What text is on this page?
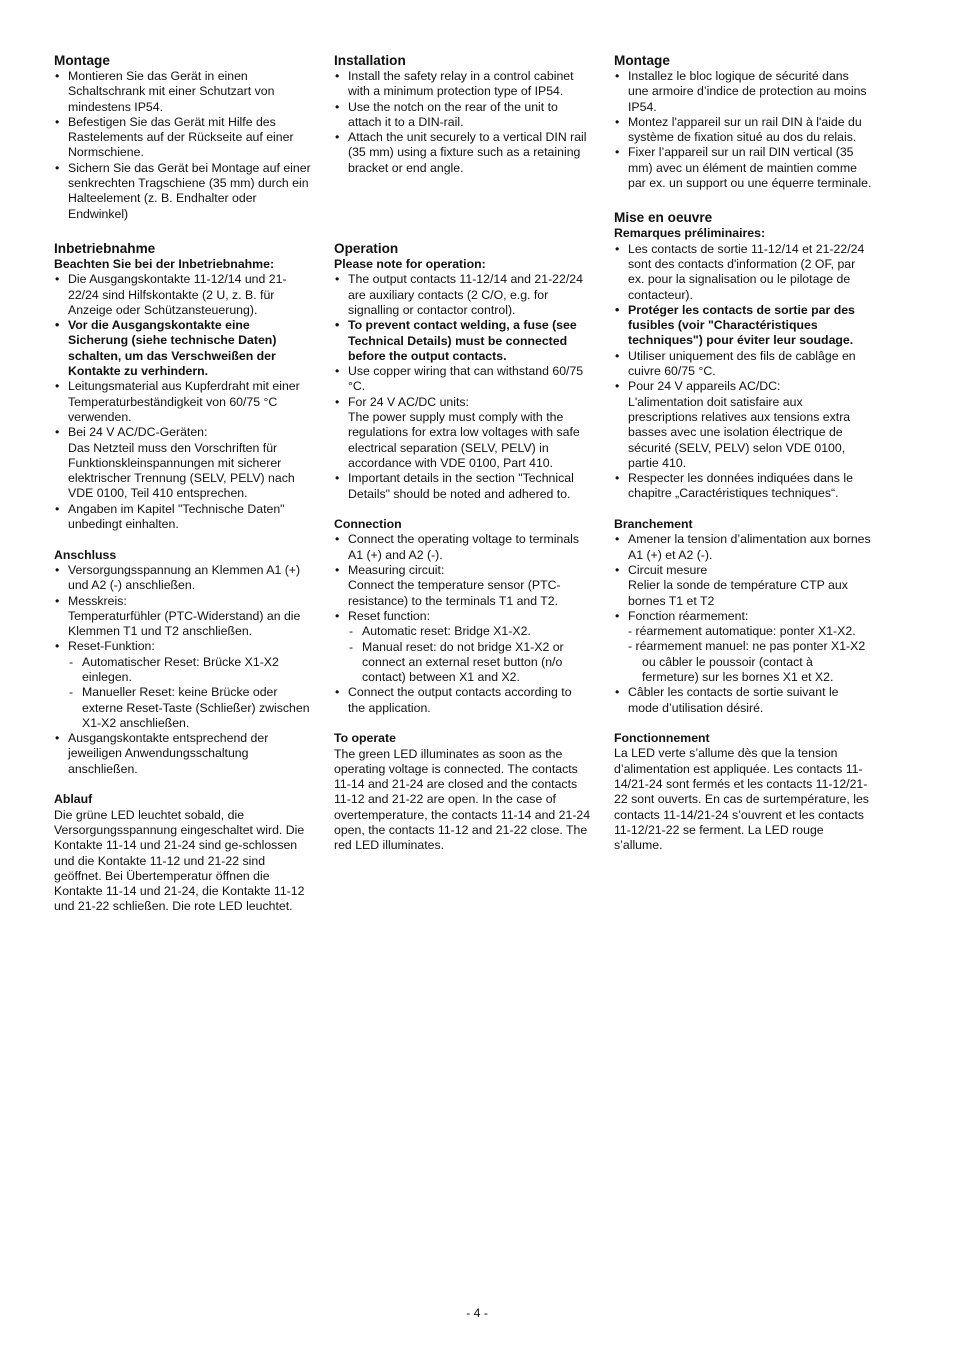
Montage
• Montieren Sie das Gerät in einen Schaltschrank mit einer Schutzart von mindestens IP54.
• Befestigen Sie das Gerät mit Hilfe des Rastelements auf der Rückseite auf einer Normschiene.
• Sichern Sie das Gerät bei Montage auf einer senkrechten Tragschiene (35 mm) durch ein Halteelement (z. B. Endhalter oder Endwinkel)
Inbetriebnahme

Beachten Sie bei der Inbetriebnahme:

• Die Ausgangskontakte 11-12/14 und 21-22/24 sind Hilfskontakte (2 U, z. B. für Anzeige oder Schützansteuerung).
• Vor die Ausgangskontakte eine Sicherung (siehe technische Daten) schalten, um das Verschweißen der Kontakte zu verhindern.
• Leitungsmaterial aus Kupferdraht mit einer Temperaturbeständigkeit von 60/75 °C verwenden.
• Bei 24 V AC/DC-Geräten:
Das Netzteil muss den Vorschriften für Funktionskleinspannungen mit sicherer elektrischer Trennung (SELV, PELV) nach VDE 0100, Teil 410 entsprechen.
• Angaben im Kapitel "Technische Daten" unbedingt einhalten.
Anschluss
• Versorgungsspannung an Klemmen A1 (+) und A2 (-) anschließen.
• Messkreis:
Temperaturfühler (PTC-Widerstand) an die Klemmen T1 und T2 anschließen.
• Reset-Funktion:
- Automatischer Reset: Brücke X1-X2 einlegen.
- Manueller Reset: keine Brücke oder externe Reset-Taste (Schließer) zwischen X1-X2 anschließen.
• Ausgangskontakte entsprechend der jeweiligen Anwendungsschaltung anschließen.
Ablauf

Die grüne LED leuchtet sobald, die Versorgungsspannung eingeschaltet wird. Die Kontakte 11-14 und 21-24 sind ge-schlossen und die Kontakte 11-12 und 21-22 sind geöffnet. Bei Übertemperatur öffnen die Kontakte 11-14 und 21-24, die Kontakte 11-12 und 21-22 schließen. Die rote LED leuchtet.

Installation
• Install the safety relay in a control cabinet with a minimum protection type of IP54.
• Use the notch on the rear of the unit to attach it to a DIN-rail.
• Attach the unit securely to a vertical DIN rail (35 mm) using a fixture such as a retaining bracket or end angle.
Operation

Please note for operation:

• The output contacts 11-12/14 and 21-22/24 are auxiliary contacts (2 C/O, e.g. for signalling or contactor control).
• To prevent contact welding, a fuse (see Technical Details) must be connected before the output contacts.
• Use copper wiring that can withstand 60/75 °C.
• For 24 V AC/DC units:
The power supply must comply with the regulations for extra low voltages with safe electrical separation (SELV, PELV) in accordance with VDE 0100, Part 410.
• Important details in the section "Technical Details" should be noted and adhered to.
Connection
• Connect the operating voltage to terminals A1 (+) and A2 (-).
• Measuring circuit:
Connect the temperature sensor (PTC-resistance) to the terminals T1 and T2.
• Reset function:
- Automatic reset: Bridge X1-X2.
- Manual reset: do not bridge X1-X2 or connect an external reset button (n/o contact) between X1 and X2.
• Connect the output contacts according to the application.
To operate

The green LED illuminates as soon as the operating voltage is connected. The contacts 11-14 and 21-24 are closed and the contacts 11-12 and 21-22 are open. In the case of overtemperature, the contacts 11-14 and 21-24 open, the contacts 11-12 and 21-22 close. The red LED illuminates.

Montage
• Installez le bloc logique de sécurité dans une armoire d’indice de protection au moins IP54.
• Montez l'appareil sur un rail DIN à l'aide du système de fixation situé au dos du relais.
• Fixer l’appareil sur un rail DIN vertical (35 mm) avec un élément de maintien comme par ex. un support ou une équerre terminale.
Mise en oeuvre

Remarques préliminaires:

• Les contacts de sortie 11-12/14 et 21-22/24 sont des contacts d'information (2 OF, par ex. pour la signalisation ou le pilotage de contacteur).
• Protéger les contacts de sortie par des fusibles (voir "Charactéristiques techniques") pour éviter leur soudage.
• Utiliser uniquement des fils de cablâge en cuivre 60/75 °C.
• Pour 24 V appareils AC/DC:
L'alimentation doit satisfaire aux prescriptions relatives aux tensions extra basses avec une isolation électrique de sécurité (SELV, PELV) selon VDE 0100, partie 410.
• Respecter les données indiquées dans le chapitre „Caractéristiques techniques“.
Branchement
• Amener la tension d’alimentation aux bornes A1 (+) et A2 (-).
• Circuit mesure
Relier la sonde de température CTP aux bornes T1 et T2
• Fonction réarmement:
- réarmement automatique: ponter X1-X2.
- réarmement manuel: ne pas ponter X1-X2 ou câbler le poussoir (contact à fermeture) sur les bornes X1 et X2.
• Câbler les contacts de sortie suivant le mode d’utilisation désiré.
Fonctionnement

La LED verte s’allume dès que la tension d’alimentation est appliquée. Les contacts 11-14/21-24 sont fermés et les contacts 11-12/21-22 sont ouverts. En cas de surtempérature, les contacts 11-14/21-24 s’ouvrent et les contacts 11-12/21-22 se ferment. La LED rouge s’allume.

- 4 -
